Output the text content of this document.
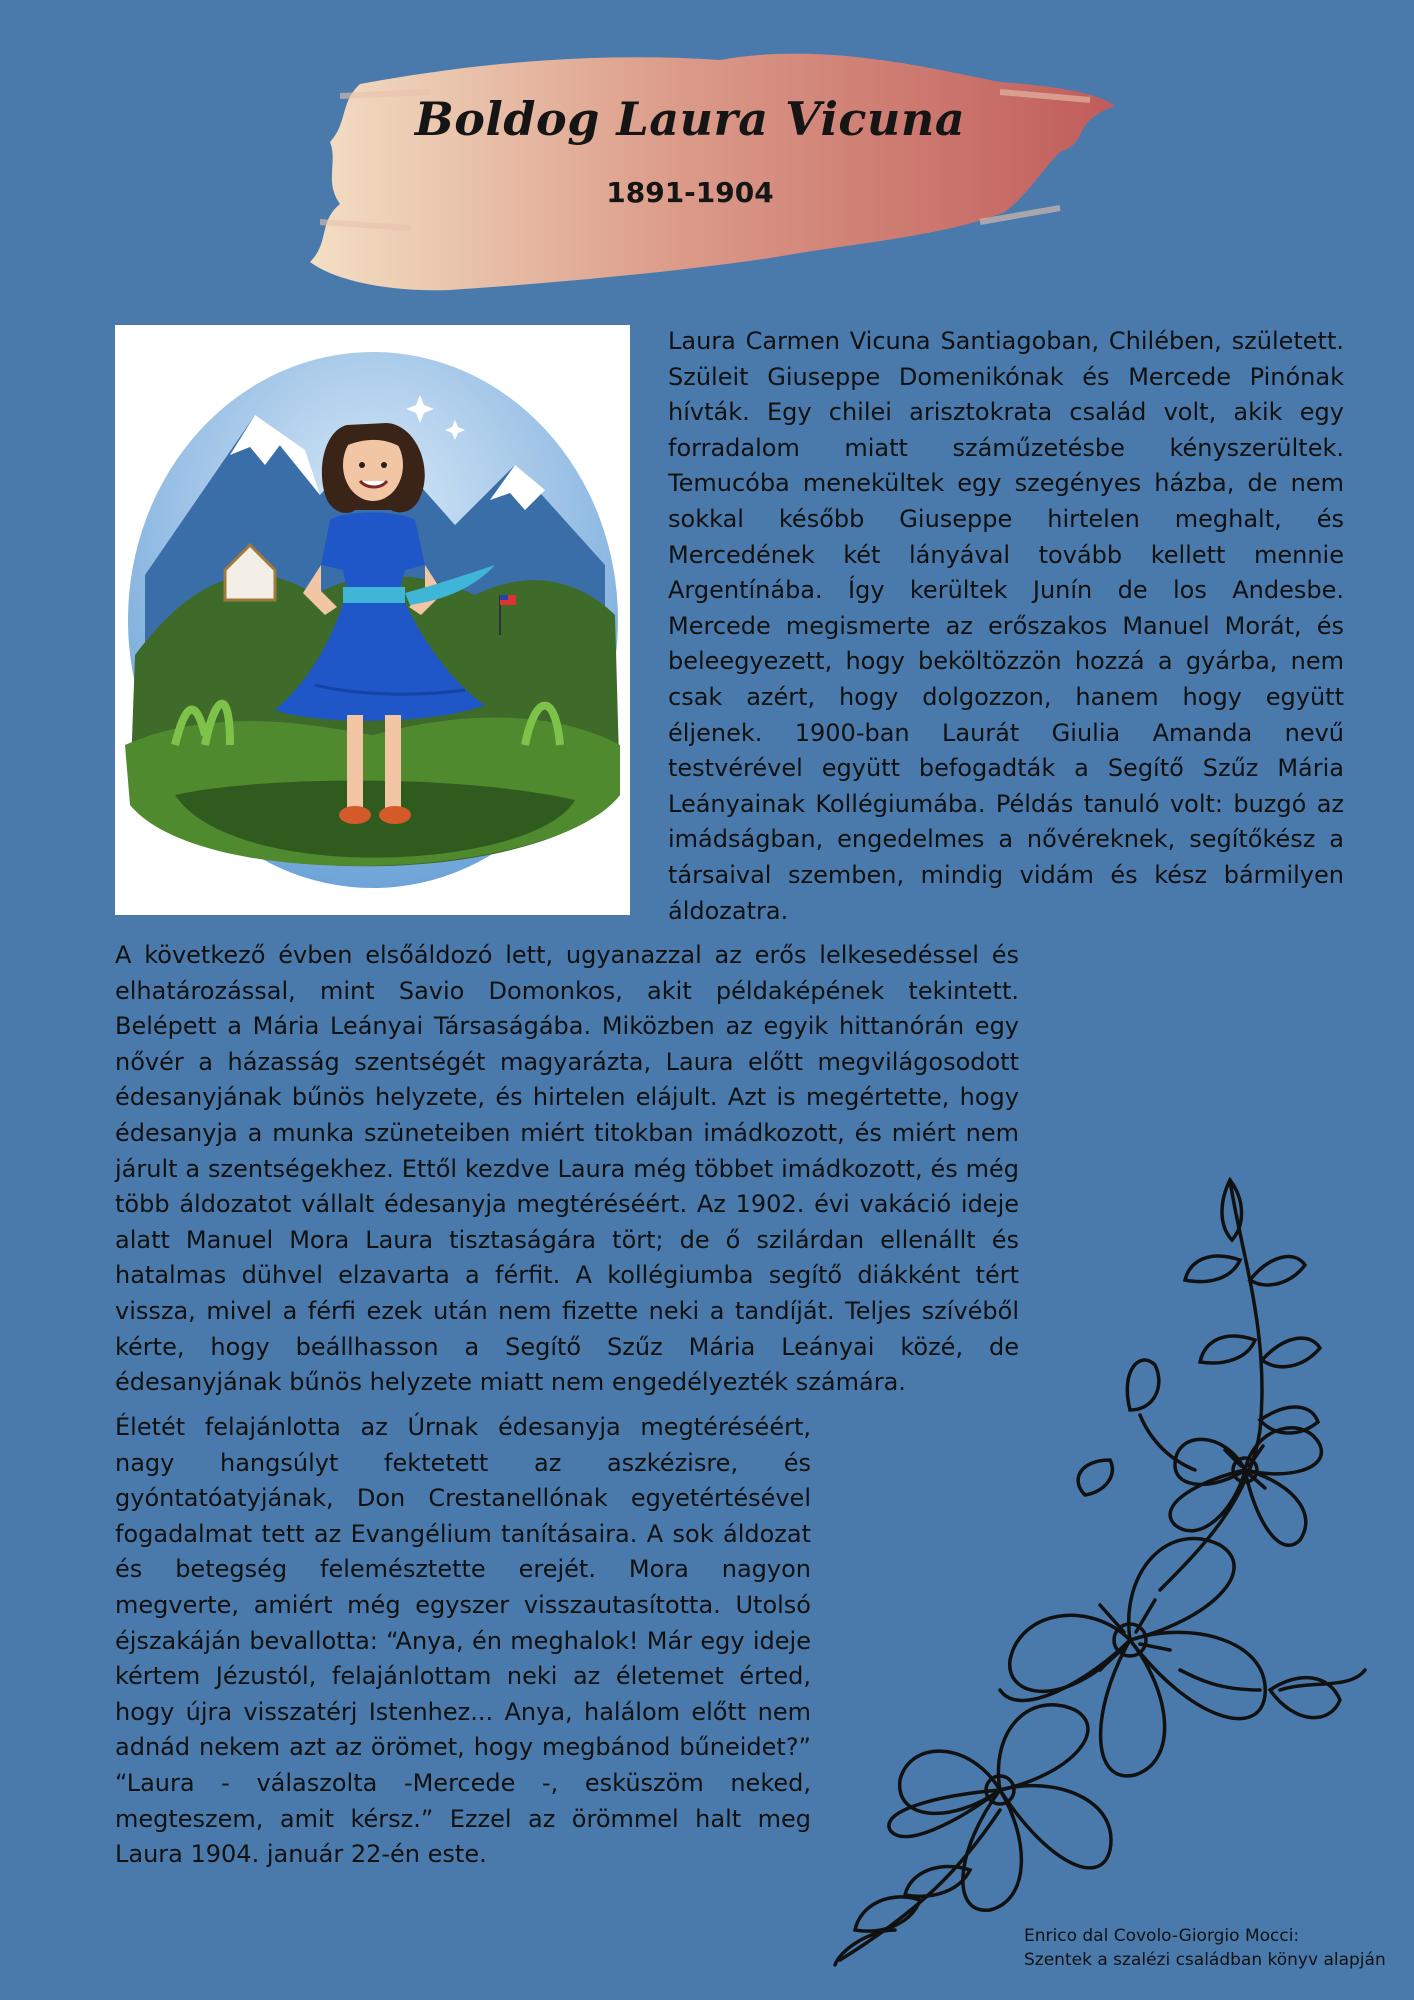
Boldog Laura Vicuna
1891-1904
Laura Carmen Vicuna Santiagoban, Chilében, született. Szüleit Giuseppe Domenikónak és Mercede Pinónak hívták. Egy chilei arisztokrata család volt, akik egy forradalom miatt száműzetésbe kényszerültek. Temucóba menekültek egy szegényes házba, de nem sokkal később Giuseppe hirtelen meghalt, és Mercedének két lányával tovább kellett mennie Argentínába. Így kerültek Junín de los Andesbe. Mercede megismerte az erőszakos Manuel Morát, és beleegyezett, hogy beköltözzön hozzá a gyárba, nem csak azért, hogy dolgozzon, hanem hogy együtt éljenek. 1900-ban Laurát Giulia Amanda nevű testvérével együtt befogadták a Segítő Szűz Mária Leányainak Kollégiumába. Példás tanuló volt: buzgó az imádságban, engedelmes a nővéreknek, segítőkész a társaival szemben, mindig vidám és kész bármilyen áldozatra.
A következő évben elsőáldozó lett, ugyanazzal az erős lelkesedéssel és elhatározással, mint Savio Domonkos, akit példaképének tekintett. Belépett a Mária Leányai Társaságába. Miközben az egyik hittanórán egy nővér a házasság szentségét magyarázta, Laura előtt megvilágosodott édesanyjának bűnös helyzete, és hirtelen elájult. Azt is megértette, hogy édesanyja a munka szüneteiben miért titokban imádkozott, és miért nem járult a szentségekhez. Ettől kezdve Laura még többet imádkozott, és még több áldozatot vállalt édesanyja megtéréséért. Az 1902. évi vakáció ideje alatt Manuel Mora Laura tisztaságára tört; de ő szilárdan ellenállt és hatalmas dühvel elzavarta a férfit. A kollégiumba segítő diákként tért vissza, mivel a férfi ezek után nem fizette neki a tandíját. Teljes szívéből kérte, hogy beállhasson a Segítő Szűz Mária Leányai közé, de édesanyjának bűnös helyzete miatt nem engedélyezték számára.
Életét felajánlotta az Úrnak édesanyja megtéréséért, nagy hangsúlyt fektetett az aszkézisre, és gyóntatóatyjának, Don Crestanellónak egyetértésével fogadalmat tett az Evangélium tanításaira. A sok áldozat és betegség felemésztette erejét. Mora nagyon megverte, amiért még egyszer visszautasította. Utolsó éjszakáján bevallotta: “Anya, én meghalok! Már egy ideje kértem Jézustól, felajánlottam neki az életemet érted, hogy újra visszatérj Istenhez... Anya, halálom előtt nem adnád nekem azt az örömet, hogy megbánod bűneidet?” “Laura - válaszolta -Mercede -, esküszöm neked, megteszem, amit kérsz.” Ezzel az örömmel halt meg Laura 1904. január 22-én este.
Enrico dal Covolo-Giorgio Mocci:
Szentek a szalézi családban könyv alapján
